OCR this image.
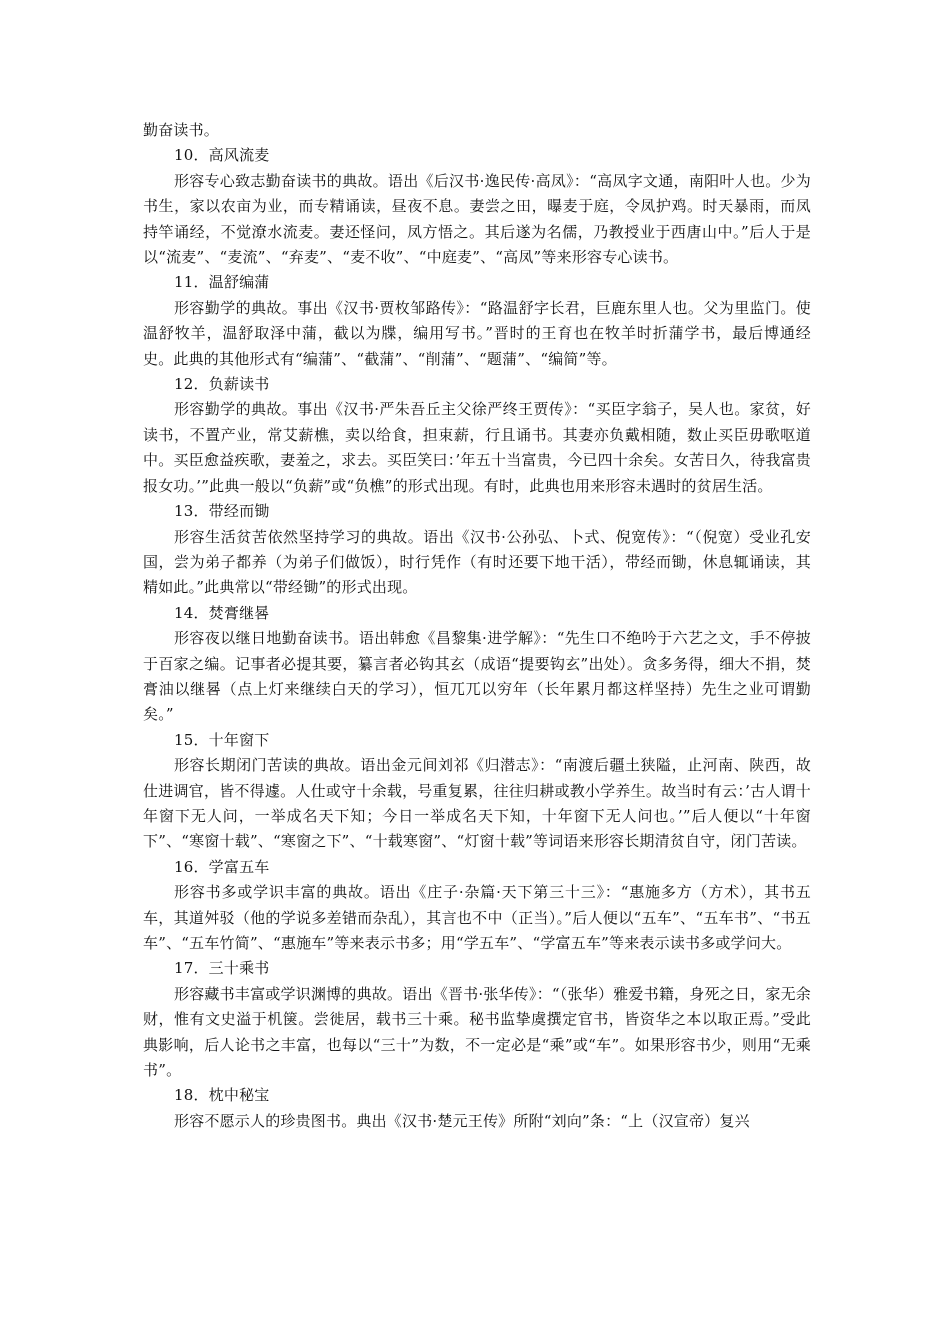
勤奋读书。

10．高风流麦

形容专心致志勤奋读书的典故。语出《后汉书·逸民传·高凤》：“高凤字文通，南阳叶人也。少为书生，家以农亩为业，而专精诵读，昼夜不息。妻尝之田，曝麦于庭，令凤护鸡。时天暴雨，而凤持竿诵经，不觉潦水流麦。妻还怪问，凤方悟之。其后遂为名儒，乃教授业于西唐山中。”后人于是以“流麦”、“麦流”、“弃麦”、“麦不收”、“中庭麦”、“高凤”等来形容专心读书。

11．温舒编蒲

形容勤学的典故。事出《汉书·贾枚邹路传》：“路温舒字长君，巨鹿东里人也。父为里监门。使温舒牧羊，温舒取泽中蒲，截以为牒，编用写书。”晋时的王育也在牧羊时折蒲学书，最后博通经史。此典的其他形式有“编蒲”、“截蒲”、“削蒲”、“题蒲”、“编简”等。

12．负薪读书

形容勤学的典故。事出《汉书·严朱吾丘主父徐严终王贾传》：“买臣字翁子，吴人也。家贫，好读书，不置产业，常艾薪樵，卖以给食，担束薪，行且诵书。其妻亦负戴相随，数止买臣毋歌呕道中。买臣愈益疾歌，妻羞之，求去。买臣笑曰：’年五十当富贵，今已四十余矣。女苦日久，待我富贵报女功。’”此典一般以“负薪”或“负樵”的形式出现。有时，此典也用来形容未遇时的贫居生活。

13．带经而锄

形容生活贫苦依然坚持学习的典故。语出《汉书·公孙弘、卜式、倪宽传》：“（倪宽）受业孔安国，尝为弟子都养（为弟子们做饭），时行凭作（有时还要下地干活），带经而锄，休息辄诵读，其精如此。”此典常以“带经锄”的形式出现。

14．焚膏继晷

形容夜以继日地勤奋读书。语出韩愈《昌黎集·进学解》：“先生口不绝吟于六艺之文，手不停披于百家之编。记事者必提其要，纂言者必钩其玄（成语“提要钩玄”出处）。贪多务得，细大不捐，焚膏油以继晷（点上灯来继续白天的学习），恒兀兀以穷年（长年累月都这样坚持）先生之业可谓勤矣。”

15．十年窗下

形容长期闭门苦读的典故。语出金元间刘祁《归潜志》：“南渡后疆土狭隘，止河南、陕西，故仕进调官，皆不得遽。人仕或守十余载，号重复累，往往归耕或教小学养生。故当时有云：’古人谓十年窗下无人问，一举成名天下知；今日一举成名天下知，十年窗下无人问也。’”后人便以“十年窗下”、“寒窗十载”、“寒窗之下”、“十载寒窗”、“灯窗十载”等词语来形容长期清贫自守，闭门苦读。

16．学富五车

形容书多或学识丰富的典故。语出《庄子·杂篇·天下第三十三》：“惠施多方（方术），其书五车，其道舛驳（他的学说多差错而杂乱），其言也不中（正当）。”后人便以“五车”、“五车书”、“书五车”、“五车竹简”、“惠施车”等来表示书多；用“学五车”、“学富五车”等来表示读书多或学问大。

17．三十乘书

形容藏书丰富或学识渊博的典故。语出《晋书·张华传》：“（张华）雅爱书籍，身死之日，家无余财，惟有文史溢于机箧。尝徙居，载书三十乘。秘书监挚虞撰定官书，皆资华之本以取正焉。”受此典影响，后人论书之丰富，也每以“三十”为数，不一定必是“乘”或“车”。如果形容书少，则用“无乘书”。

18．枕中秘宝

形容不愿示人的珍贵图书。典出《汉书·楚元王传》所附“刘向”条：“上（汉宣帝）复兴
